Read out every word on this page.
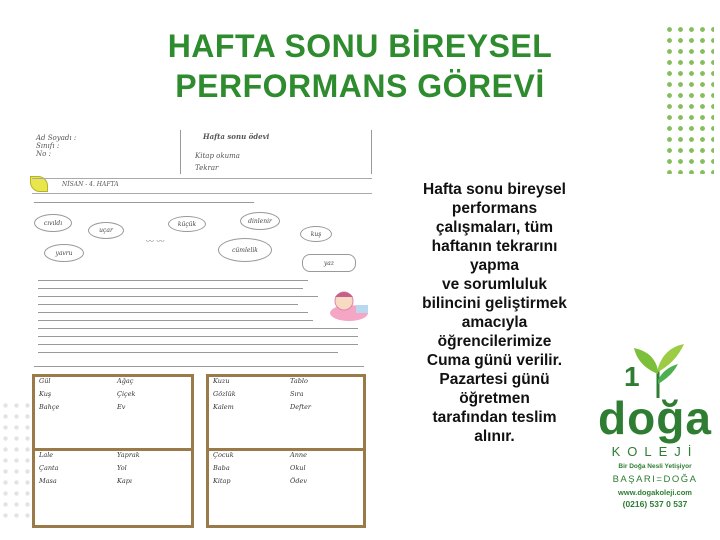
HAFTA SONU BİREYSEL
PERFORMANS GÖREVİ
Ad Soyadı :
Sınıfı :
No :
Hafta sonu ödevi
Kitap okuma
Tekrar
NİSAN - 4. HAFTA
cıvıldı
uçar
küçük	dinlenir
kuş
yavru	cümlelik
yaz
〰 〰
Gül	Ağaç
Kuş	Çiçek
Bahçe	Ev
Kuzu	Tablo
Gözlük	Sıra
Kalem	Defter
Lale	Yaprak
Çanta	Yol
Masa	Kapı
Çocuk	Anne
Baba	Okul
Kitap	Ödev
Hafta sonu bireysel
performans
çalışmaları, tüm
haftanın tekrarını
yapma
ve sorumluluk
bilincini geliştirmek
amacıyla
öğrencilerimize
Cuma günü verilir.
Pazartesi günü
öğretmen
tarafından teslim
alınır.
1
doğa
KOLEJİ
Bir Doğa Nesli Yetişiyor
BAŞARI=DOĞA
www.dogakoleji.com
(0216) 537 0 537
